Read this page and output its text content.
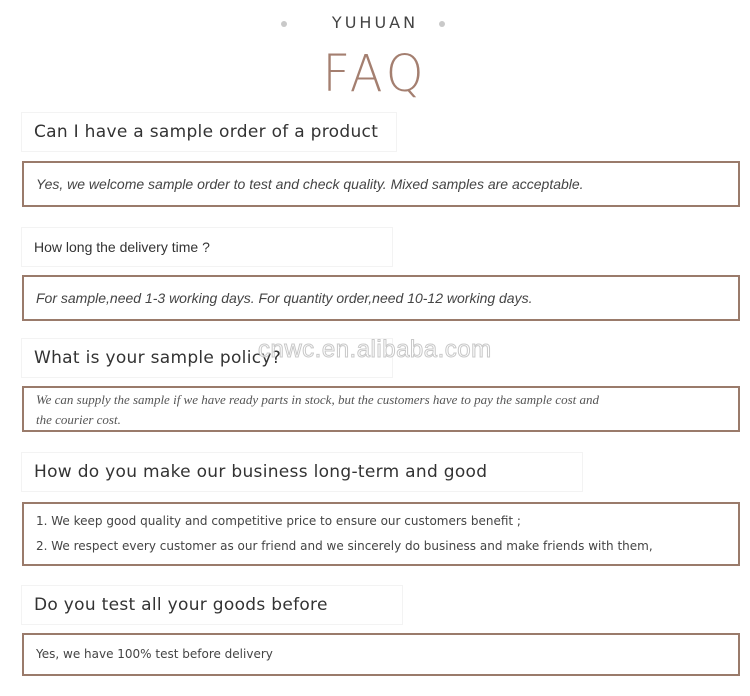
YUHUAN
FAQ
Can I have a sample order of a product
Yes, we welcome sample order to test and check quality. Mixed samples are acceptable.
How long the delivery time ?
For sample,need 1-3 working days. For quantity order,need 10-12 working days.
What is your sample policy?
We can supply the sample if we have ready parts in stock, but the customers have to pay the sample cost and
the courier cost.
How do you make our business long-term and good
1. We keep good quality and competitive price to ensure our customers benefit ;
2. We respect every customer as our friend and we sincerely do business and make friends with them,
Do you test all your goods before
Yes, we have 100% test before delivery
cnwc.en.alibaba.com
